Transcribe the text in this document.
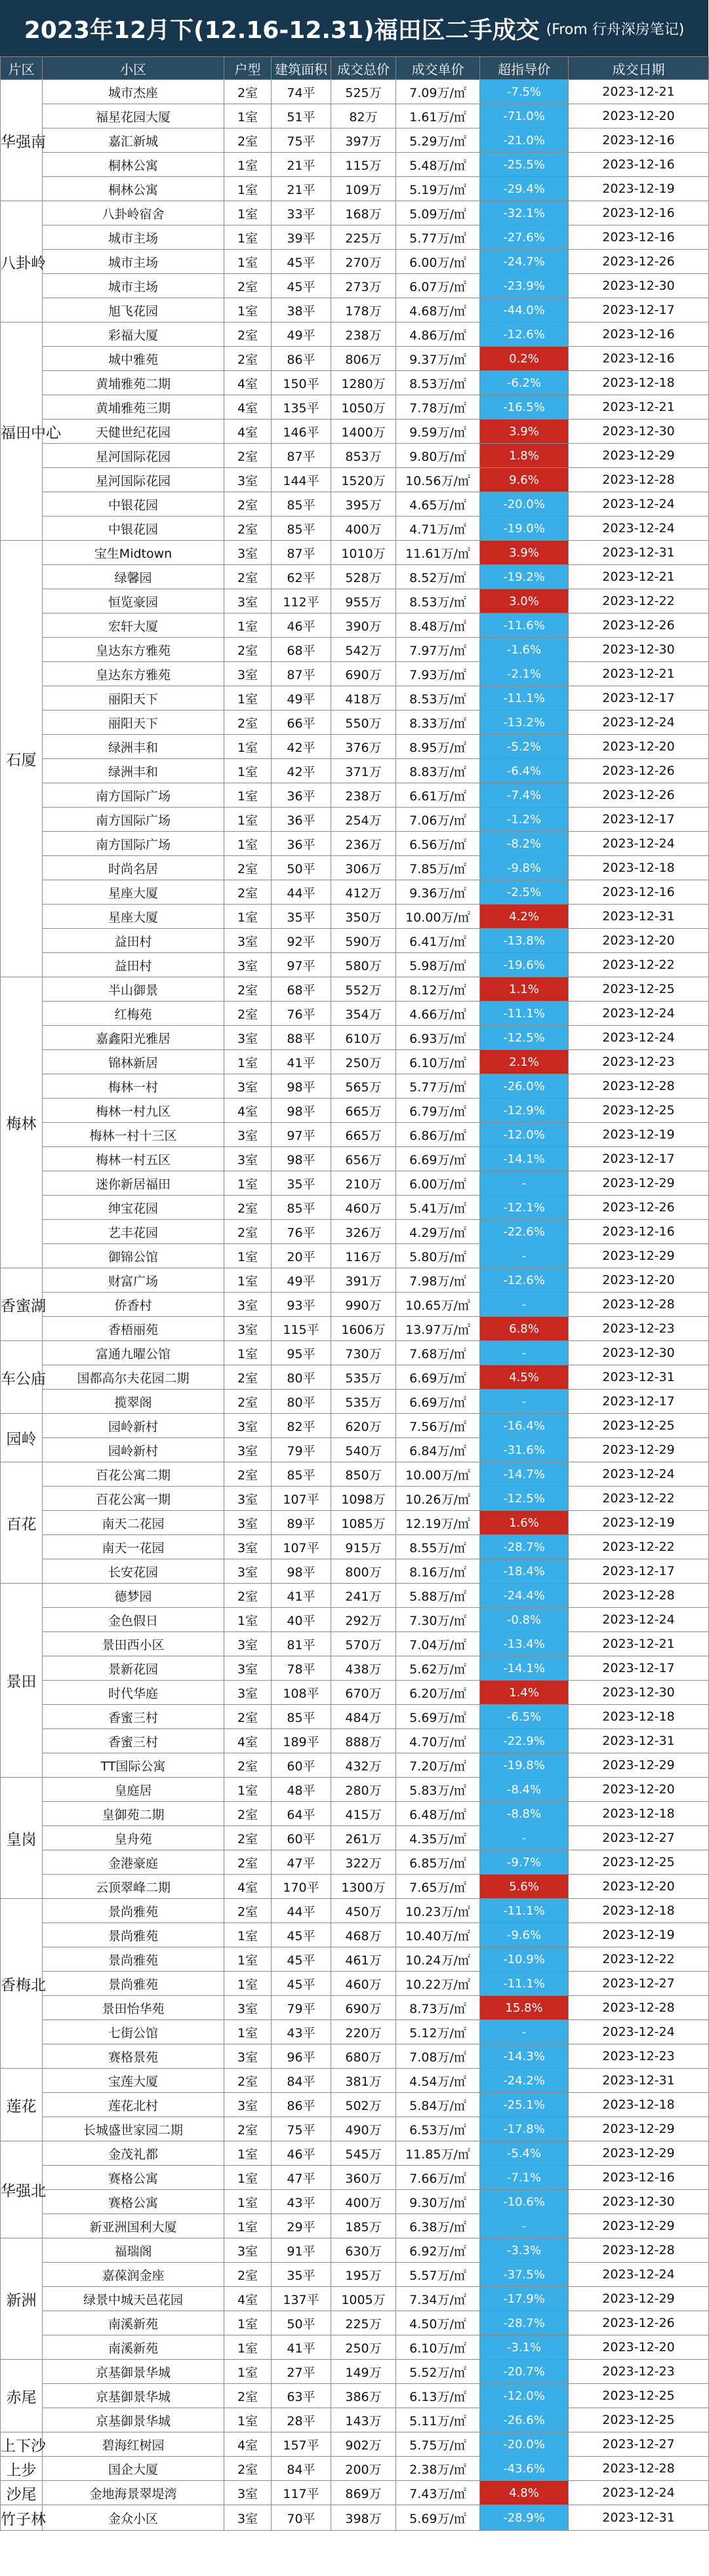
2023年12月下(12.16-12.31)福田区二手成交 (From 行舟深房笔记)
片区	小区	户型	建筑面积	成交总价	成交单价	超指导价	成交日期
华强南	城市杰座	2室	74平	525万	7.09万/㎡	-7.5%	2023-12-21
	福星花园大厦	1室	51平	82万	1.61万/㎡	-71.0%	2023-12-20
	嘉汇新城	2室	75平	397万	5.29万/㎡	-21.0%	2023-12-16
	桐林公寓	1室	21平	115万	5.48万/㎡	-25.5%	2023-12-16
	桐林公寓	1室	21平	109万	5.19万/㎡	-29.4%	2023-12-19
八卦岭	八卦岭宿舍	1室	33平	168万	5.09万/㎡	-32.1%	2023-12-16
	城市主场	1室	39平	225万	5.77万/㎡	-27.6%	2023-12-16
	城市主场	1室	45平	270万	6.00万/㎡	-24.7%	2023-12-26
	城市主场	2室	45平	273万	6.07万/㎡	-23.9%	2023-12-30
	旭飞花园	1室	38平	178万	4.68万/㎡	-44.0%	2023-12-17
福田中心	彩福大厦	2室	49平	238万	4.86万/㎡	-12.6%	2023-12-16
	城中雅苑	2室	86平	806万	9.37万/㎡	0.2%	2023-12-16
	黄埔雅苑二期	4室	150平	1280万	8.53万/㎡	-6.2%	2023-12-18
	黄埔雅苑三期	4室	135平	1050万	7.78万/㎡	-16.5%	2023-12-21
	天健世纪花园	4室	146平	1400万	9.59万/㎡	3.9%	2023-12-30
	星河国际花园	2室	87平	853万	9.80万/㎡	1.8%	2023-12-29
	星河国际花园	3室	144平	1520万	10.56万/㎡	9.6%	2023-12-28
	中银花园	2室	85平	395万	4.65万/㎡	-20.0%	2023-12-24
	中银花园	2室	85平	400万	4.71万/㎡	-19.0%	2023-12-24
石厦	宝生Midtown	3室	87平	1010万	11.61万/㎡	3.9%	2023-12-31
	绿馨园	2室	62平	528万	8.52万/㎡	-19.2%	2023-12-21
	恒览豪园	3室	112平	955万	8.53万/㎡	3.0%	2023-12-22
	宏轩大厦	1室	46平	390万	8.48万/㎡	-11.6%	2023-12-26
	皇达东方雅苑	2室	68平	542万	7.97万/㎡	-1.6%	2023-12-30
	皇达东方雅苑	3室	87平	690万	7.93万/㎡	-2.1%	2023-12-21
	丽阳天下	1室	49平	418万	8.53万/㎡	-11.1%	2023-12-17
	丽阳天下	2室	66平	550万	8.33万/㎡	-13.2%	2023-12-24
	绿洲丰和	1室	42平	376万	8.95万/㎡	-5.2%	2023-12-20
	绿洲丰和	1室	42平	371万	8.83万/㎡	-6.4%	2023-12-26
	南方国际广场	1室	36平	238万	6.61万/㎡	-7.4%	2023-12-26
	南方国际广场	1室	36平	254万	7.06万/㎡	-1.2%	2023-12-17
	南方国际广场	1室	36平	236万	6.56万/㎡	-8.2%	2023-12-24
	时尚名居	2室	50平	306万	7.85万/㎡	-9.8%	2023-12-18
	星座大厦	2室	44平	412万	9.36万/㎡	-2.5%	2023-12-16
	星座大厦	1室	35平	350万	10.00万/㎡	4.2%	2023-12-31
	益田村	3室	92平	590万	6.41万/㎡	-13.8%	2023-12-20
	益田村	3室	97平	580万	5.98万/㎡	-19.6%	2023-12-22
梅林	半山御景	2室	68平	552万	8.12万/㎡	1.1%	2023-12-25
	红梅苑	2室	76平	354万	4.66万/㎡	-11.1%	2023-12-24
	嘉鑫阳光雅居	3室	88平	610万	6.93万/㎡	-12.5%	2023-12-24
	锦林新居	1室	41平	250万	6.10万/㎡	2.1%	2023-12-23
	梅林一村	3室	98平	565万	5.77万/㎡	-26.0%	2023-12-28
	梅林一村九区	4室	98平	665万	6.79万/㎡	-12.9%	2023-12-25
	梅林一村十三区	3室	97平	665万	6.86万/㎡	-12.0%	2023-12-19
	梅林一村五区	3室	98平	656万	6.69万/㎡	-14.1%	2023-12-17
	迷你新居福田	1室	35平	210万	6.00万/㎡	-	2023-12-29
	绅宝花园	2室	85平	460万	5.41万/㎡	-12.1%	2023-12-26
	艺丰花园	2室	76平	326万	4.29万/㎡	-22.6%	2023-12-16
	御锦公馆	1室	20平	116万	5.80万/㎡	-	2023-12-29
香蜜湖	财富广场	1室	49平	391万	7.98万/㎡	-12.6%	2023-12-20
	侨香村	3室	93平	990万	10.65万/㎡	-	2023-12-28
	香梧丽苑	3室	115平	1606万	13.97万/㎡	6.8%	2023-12-23
车公庙	富通九曜公馆	1室	95平	730万	7.68万/㎡	-	2023-12-30
	国都高尔夫花园二期	2室	80平	535万	6.69万/㎡	4.5%	2023-12-31
	揽翠阁	2室	80平	535万	6.69万/㎡	-	2023-12-17
园岭	园岭新村	3室	82平	620万	7.56万/㎡	-16.4%	2023-12-25
	园岭新村	3室	79平	540万	6.84万/㎡	-31.6%	2023-12-29
百花	百花公寓二期	2室	85平	850万	10.00万/㎡	-14.7%	2023-12-24
	百花公寓一期	3室	107平	1098万	10.26万/㎡	-12.5%	2023-12-22
	南天二花园	3室	89平	1085万	12.19万/㎡	1.6%	2023-12-19
	南天一花园	3室	107平	915万	8.55万/㎡	-28.7%	2023-12-22
	长安花园	3室	98平	800万	8.16万/㎡	-18.4%	2023-12-17
景田	德梦园	2室	41平	241万	5.88万/㎡	-24.4%	2023-12-28
	金色假日	1室	40平	292万	7.30万/㎡	-0.8%	2023-12-24
	景田西小区	3室	81平	570万	7.04万/㎡	-13.4%	2023-12-21
	景新花园	3室	78平	438万	5.62万/㎡	-14.1%	2023-12-17
	时代华庭	3室	108平	670万	6.20万/㎡	1.4%	2023-12-30
	香蜜三村	2室	85平	484万	5.69万/㎡	-6.5%	2023-12-18
	香蜜三村	4室	189平	888万	4.70万/㎡	-22.9%	2023-12-31
	TT国际公寓	2室	60平	432万	7.20万/㎡	-19.8%	2023-12-29
皇岗	皇庭居	1室	48平	280万	5.83万/㎡	-8.4%	2023-12-20
	皇御苑二期	2室	64平	415万	6.48万/㎡	-8.8%	2023-12-18
	皇舟苑	2室	60平	261万	4.35万/㎡	-	2023-12-27
	金港豪庭	2室	47平	322万	6.85万/㎡	-9.7%	2023-12-25
	云顶翠峰二期	4室	170平	1300万	7.65万/㎡	5.6%	2023-12-20
香梅北	景尚雅苑	2室	44平	450万	10.23万/㎡	-11.1%	2023-12-18
	景尚雅苑	1室	45平	468万	10.40万/㎡	-9.6%	2023-12-19
	景尚雅苑	1室	45平	461万	10.24万/㎡	-10.9%	2023-12-22
	景尚雅苑	1室	45平	460万	10.22万/㎡	-11.1%	2023-12-27
	景田怡华苑	3室	79平	690万	8.73万/㎡	15.8%	2023-12-28
	七街公馆	1室	43平	220万	5.12万/㎡	-	2023-12-24
	赛格景苑	3室	96平	680万	7.08万/㎡	-14.3%	2023-12-23
莲花	宝莲大厦	2室	84平	381万	4.54万/㎡	-24.2%	2023-12-31
	莲花北村	3室	86平	502万	5.84万/㎡	-25.1%	2023-12-18
	长城盛世家园二期	2室	75平	490万	6.53万/㎡	-17.8%	2023-12-29
华强北	金茂礼都	1室	46平	545万	11.85万/㎡	-5.4%	2023-12-29
	赛格公寓	1室	47平	360万	7.66万/㎡	-7.1%	2023-12-16
	赛格公寓	1室	43平	400万	9.30万/㎡	-10.6%	2023-12-30
	新亚洲国利大厦	1室	29平	185万	6.38万/㎡	-	2023-12-29
新洲	福瑞阁	3室	91平	630万	6.92万/㎡	-3.3%	2023-12-28
	嘉葆润金座	2室	35平	195万	5.57万/㎡	-37.5%	2023-12-24
	绿景中城天邑花园	4室	137平	1005万	7.34万/㎡	-17.9%	2023-12-29
	南溪新苑	1室	50平	225万	4.50万/㎡	-28.7%	2023-12-26
	南溪新苑	1室	41平	250万	6.10万/㎡	-3.1%	2023-12-20
赤尾	京基御景华城	1室	27平	149万	5.52万/㎡	-20.7%	2023-12-23
	京基御景华城	2室	63平	386万	6.13万/㎡	-12.0%	2023-12-25
	京基御景华城	1室	28平	143万	5.11万/㎡	-26.6%	2023-12-25
上下沙	碧海红树园	4室	157平	902万	5.75万/㎡	-20.0%	2023-12-27
上步	国企大厦	2室	84平	200万	2.38万/㎡	-43.6%	2023-12-28
沙尾	金地海景翠堤湾	3室	117平	869万	7.43万/㎡	4.8%	2023-12-24
竹子林	金众小区	3室	70平	398万	5.69万/㎡	-28.9%	2023-12-31
